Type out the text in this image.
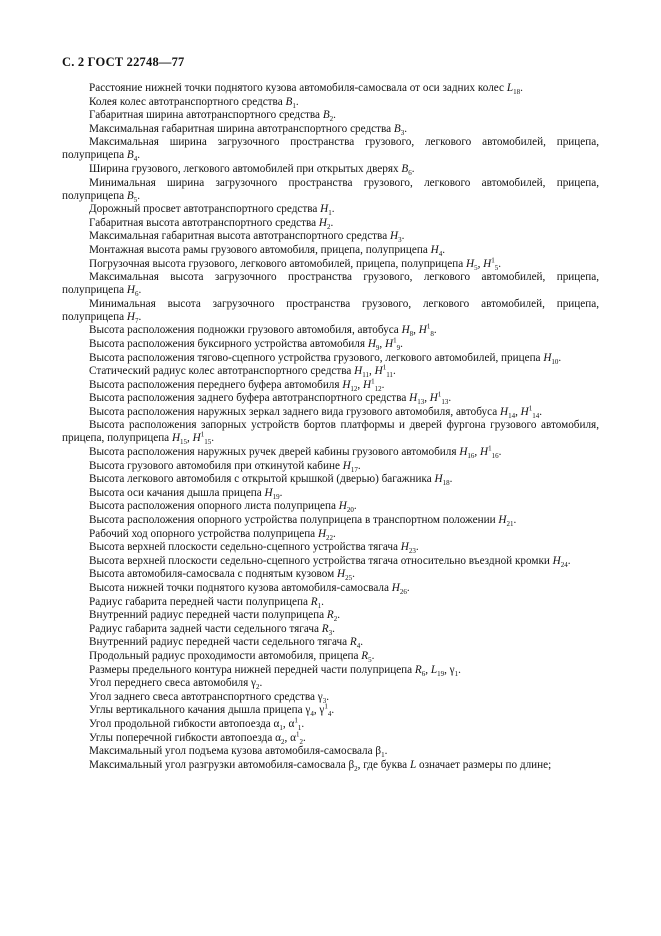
С. 2 ГОСТ 22748—77

Расстояние нижней точки поднятого кузова автомобиля-самосвала от оси задних колес $L_{18}$.

Колея колес автотранспортного средства $B_1$.

Габаритная ширина автотранспортного средства $B_2$.

Максимальная габаритная ширина автотранспортного средства $B_3$.

Максимальная ширина загрузочного пространства грузового, легкового автомобилей, прицепа, полуприцепа $B_4$.

Ширина грузового, легкового автомобилей при открытых дверях $B_6$.

Минимальная ширина загрузочного пространства грузового, легкового автомобилей, прицепа, полуприцепа $B_5$.

Дорожный просвет автотранспортного средства $H_1$.

Габаритная высота автотранспортного средства $H_2$.

Максимальная габаритная высота автотранспортного средства $H_3$.

Монтажная высота рамы грузового автомобиля, прицепа, полуприцепа $H_4$.

Погрузочная высота грузового, легкового автомобилей, прицепа, полуприцепа $H_5$, $H^1_5$.

Максимальная высота загрузочного пространства грузового, легкового автомобилей, прицепа, полуприцепа $H_6$.

Минимальная высота загрузочного пространства грузового, легкового автомобилей, прицепа, полуприцепа $H_7$.

Высота расположения подножки грузового автомобиля, автобуса $H_8$, $H^1_8$.

Высота расположения буксирного устройства автомобиля $H_9$, $H^1_9$.

Высота расположения тягово-сцепного устройства грузового, легкового автомобилей, прицепа $H_{10}$.

Статический радиус колес автотранспортного средства $H_{11}$, $H^1_{11}$.

Высота расположения переднего буфера автомобиля $H_{12}$, $H^1_{12}$.

Высота расположения заднего буфера автотранспортного средства $H_{13}$, $H^1_{13}$.

Высота расположения наружных зеркал заднего вида грузового автомобиля, автобуса $H_{14}$, $H^1_{14}$.

Высота расположения запорных устройств бортов платформы и дверей фургона грузового автомобиля, прицепа, полуприцепа $H_{15}$, $H^1_{15}$.

Высота расположения наружных ручек дверей кабины грузового автомобиля $H_{16}$, $H^1_{16}$.

Высота грузового автомобиля при откинутой кабине $H_{17}$.

Высота легкового автомобиля с открытой крышкой (дверью) багажника $H_{18}$.

Высота оси качания дышла прицепа $H_{19}$.

Высота расположения опорного листа полуприцепа $H_{20}$.

Высота расположения опорного устройства полуприцепа в транспортном положении $H_{21}$.

Рабочий ход опорного устройства полуприцепа $H_{22}$.

Высота верхней плоскости седельно-сцепного устройства тягача $H_{23}$.

Высота верхней плоскости седельно-сцепного устройства тягача относительно въездной кромки $H_{24}$.

Высота автомобиля-самосвала с поднятым кузовом $H_{25}$.

Высота нижней точки поднятого кузова автомобиля-самосвала $H_{26}$.

Радиус габарита передней части полуприцепа $R_1$.

Внутренний радиус передней части полуприцепа $R_2$.

Радиус габарита задней части седельного тягача $R_3$.

Внутренний радиус передней части седельного тягача $R_4$.

Продольный радиус проходимости автомобиля, прицепа $R_5$.

Размеры предельного контура нижней передней части полуприцепа $R_6$, $L_{19}$, $\gamma_1$.

Угол переднего свеса автомобиля $\gamma_2$.

Угол заднего свеса автотранспортного средства $\gamma_3$.

Углы вертикального качания дышла прицепа $\gamma_4$, $\gamma^1_4$.

Угол продольной гибкости автопоезда $\alpha_1$, $\alpha^1_1$.

Углы поперечной гибкости автопоезда $\alpha_2$, $\alpha^1_2$.

Максимальный угол подъема кузова автомобиля-самосвала $\beta_1$.

Максимальный угол разгрузки автомобиля-самосвала $\beta_2$, где буква L означает размеры по длине;
